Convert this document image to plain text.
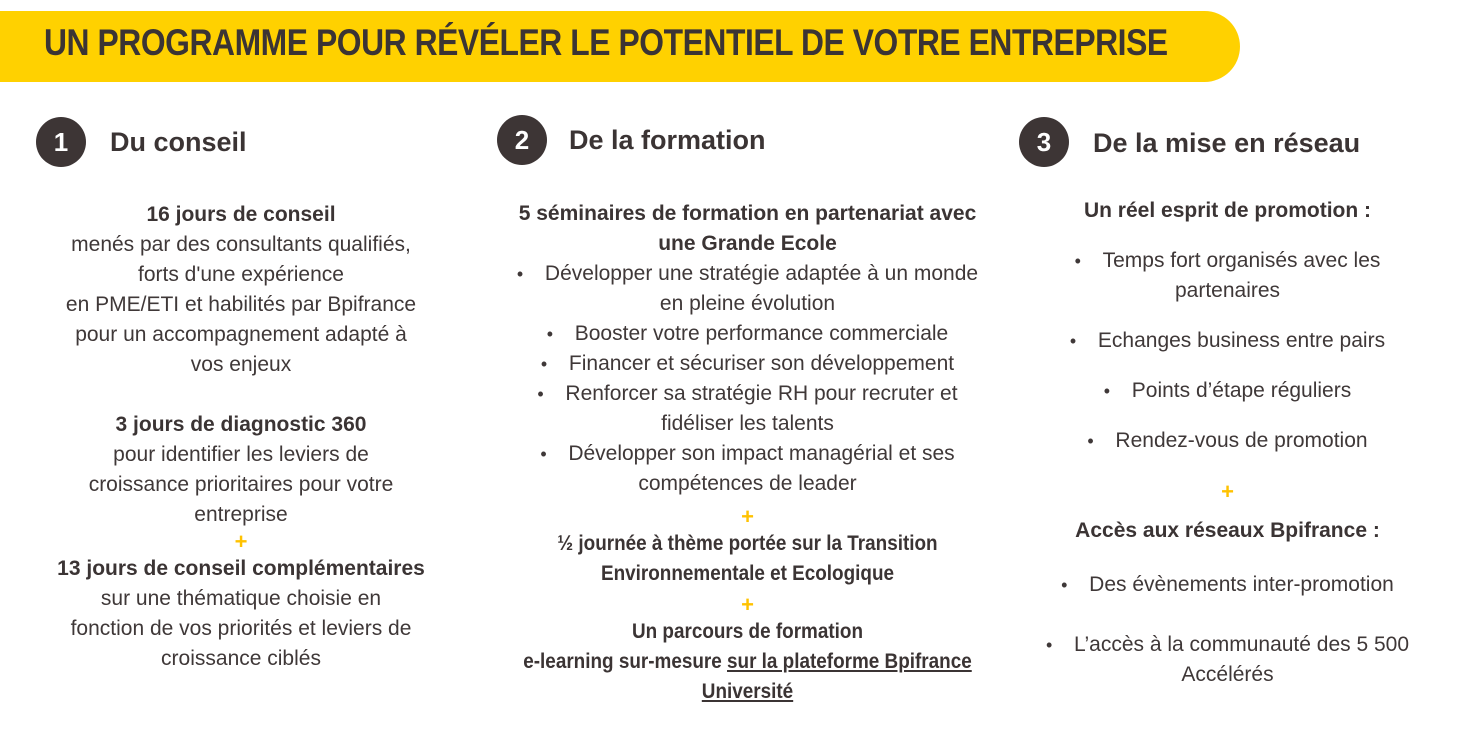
UN PROGRAMME POUR RÉVÉLER LE POTENTIEL DE VOTRE ENTREPRISE
1	Du conseil	2	De la formation	3	De la mise en réseau

16 jours de conseil

menés par des consultants qualifiés,

forts d'une expérience

en PME/ETI et habilités par Bpifrance

pour un accompagnement adapté à

vos enjeux

3 jours de diagnostic 360

pour identifier les leviers de

croissance prioritaires pour votre

entreprise

+

13 jours de conseil complémentaires

sur une thématique choisie en

fonction de vos priorités et leviers de

croissance ciblés

5 séminaires de formation en partenariat avec

une Grande Ecole

•	Développer une stratégie adaptée à un monde

en pleine évolution

•	Booster votre performance commerciale
•	Financer et sécuriser son développement
•	Renforcer sa stratégie RH pour recruter et

fidéliser les talents

•	Développer son impact managérial et ses

compétences de leader

+

½ journée à thème portée sur la Transition

Environnementale et Ecologique

+

Un parcours de formation

e-learning sur-mesure sur la plateforme Bpifrance

Université

Un réel esprit de promotion :

•	Temps fort organisés avec les

partenaires

•	Echanges business entre pairs
•	Points d’étape réguliers
•	Rendez-vous de promotion

+

Accès aux réseaux Bpifrance :

•	Des évènements inter-promotion
•	L’accès à la communauté des 5 500

Accélérés
